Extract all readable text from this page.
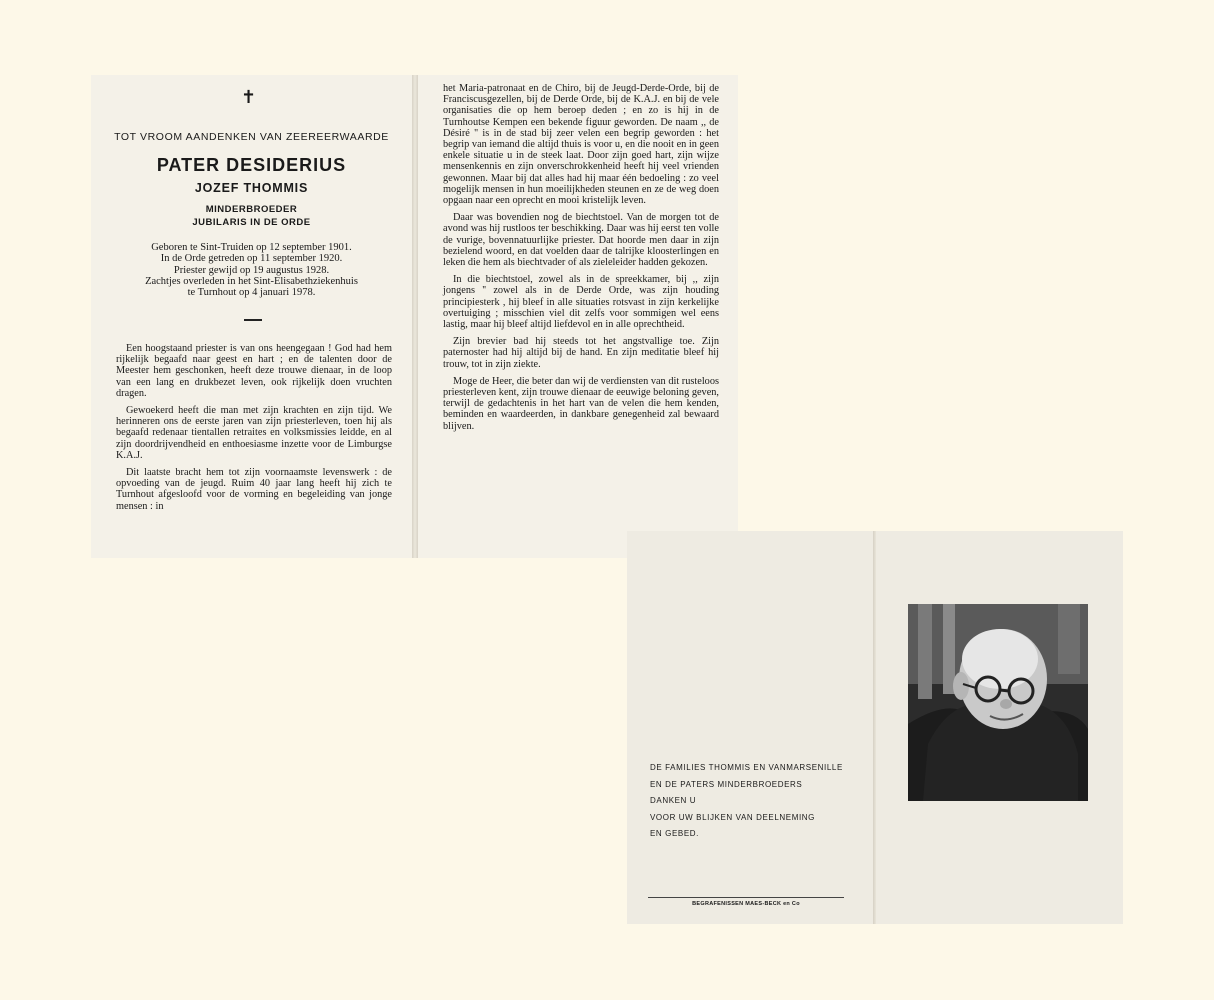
✝
TOT VROOM AANDENKEN VAN ZEEREERWAARDE
PATER DESIDERIUS
JOZEF THOMMIS
MINDERBROEDER
JUBILARIS IN DE ORDE
Geboren te Sint-Truiden op 12 september 1901.
In de Orde getreden op 11 september 1920.
Priester gewijd op 19 augustus 1928.
Zachtjes overleden in het Sint-Elisabethziekenhuis
te Turnhout op 4 januari 1978.

Een hoogstaand priester is van ons heengegaan ! God had hem rijkelijk begaafd naar geest en hart ; en de talenten door de Meester hem geschonken, heeft deze trouwe dienaar, in de loop van een lang en drukbezet leven, ook rijkelijk doen vruchten dragen.

Gewoekerd heeft die man met zijn krachten en zijn tijd. We herinneren ons de eerste jaren van zijn priesterleven, toen hij als begaafd redenaar tientallen retraites en volksmissies leidde, en al zijn doordrijvendheid en enthoesiasme inzette voor de Limburgse K.A.J.

Dit laatste bracht hem tot zijn voornaamste levenswerk : de opvoeding van de jeugd. Ruim 40 jaar lang heeft hij zich te Turnhout afgesloofd voor de vorming en begeleiding van jonge mensen : in

het Maria-patronaat en de Chiro, bij de Jeugd-Derde-Orde, bij de Franciscusgezellen, bij de Derde Orde, bij de K.A.J. en bij de vele organisaties die op hem beroep deden ; en zo is hij in de Turnhoutse Kempen een bekende figuur geworden. De naam ,, de Désiré '' is in de stad bij zeer velen een begrip geworden : het begrip van iemand die altijd thuis is voor u, en die nooit en in geen enkele situatie u in de steek laat. Door zijn goed hart, zijn wijze mensenkennis en zijn onverschrokkenheid heeft hij veel vrienden gewonnen. Maar bij dat alles had hij maar één bedoeling : zo veel mogelijk mensen in hun moeilijkheden steunen en ze de weg doen opgaan naar een oprecht en mooi kristelijk leven.

Daar was bovendien nog de biechtstoel. Van de morgen tot de avond was hij rustloos ter beschikking. Daar was hij eerst ten volle de vurige, bovennatuurlijke priester. Dat hoorde men daar in zijn bezielend woord, en dat voelden daar de talrijke kloosterlingen en leken die hem als biechtvader of als zieleleider hadden gekozen.

In die biechtstoel, zowel als in de spreekkamer, bij ,, zijn jongens '' zowel als in de Derde Orde, was zijn houding principiesterk , hij bleef in alle situaties rotsvast in zijn kerkelijke overtuiging ; misschien viel dit zelfs voor sommigen wel eens lastig, maar hij bleef altijd liefdevol en in alle oprechtheid.

Zijn brevier bad hij steeds tot het angstvallige toe. Zijn paternoster had hij altijd bij de hand. En zijn meditatie bleef hij trouw, tot in zijn ziekte.

Moge de Heer, die beter dan wij de verdiensten van dit rusteloos priesterleven kent, zijn trouwe dienaar de eeuwige beloning geven, terwijl de gedachtenis in het hart van de velen die hem kenden, beminden en waardeerden, in dankbare genegenheid zal bewaard blijven.

DE FAMILIES THOMMIS EN VANMARSENILLE
EN DE PATERS MINDERBROEDERS
DANKEN U
VOOR UW BLIJKEN VAN DEELNEMING
EN GEBED.
BEGRAFENISSEN MAES-BECK en Co
